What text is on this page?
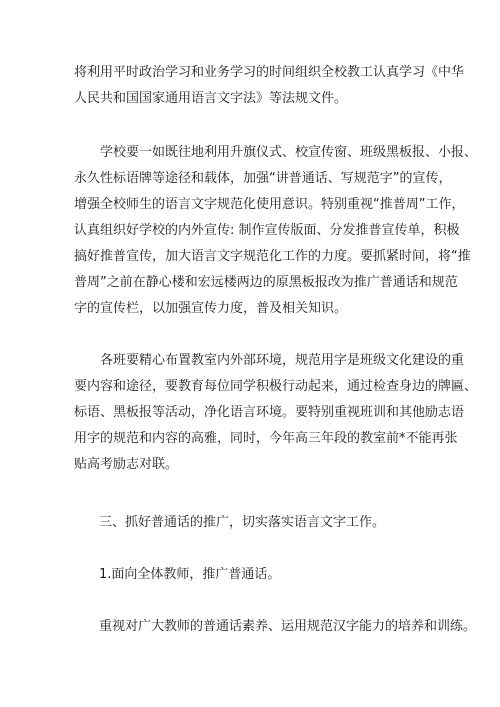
将利用平时政治学习和业务学习的时间组织全校教工认真学习《中华
人民共和国国家通用语言文字法》等法规文件。
学校要一如既往地利用升旗仪式、校宣传窗、班级黑板报、小报、
永久性标语牌等途径和载体，加强“讲普通话、写规范字”的宣传，
增强全校师生的语言文字规范化使用意识。特别重视“推普周”工作，
认真组织好学校的内外宣传: 制作宣传版面、分发推普宣传单，积极
搞好推普宣传，加大语言文字规范化工作的力度。要抓紧时间，将“推
普周”之前在静心楼和宏远楼两边的原黑板报改为推广普通话和规范
字的宣传栏，以加强宣传力度，普及相关知识。
各班要精心布置教室内外部环境，规范用字是班级文化建设的重
要内容和途径，要教育每位同学积极行动起来，通过检查身边的牌匾、
标语、黑板报等活动，净化语言环境。要特别重视班训和其他励志语
用字的规范和内容的高雅，同时，今年高三年段的教室前*不能再张
贴高考励志对联。

三、抓好普通话的推广，切实落实语言文字工作。

1.面向全体教师，推广普通话。

重视对广大教师的普通话素养、运用规范汉字能力的培养和训练。
